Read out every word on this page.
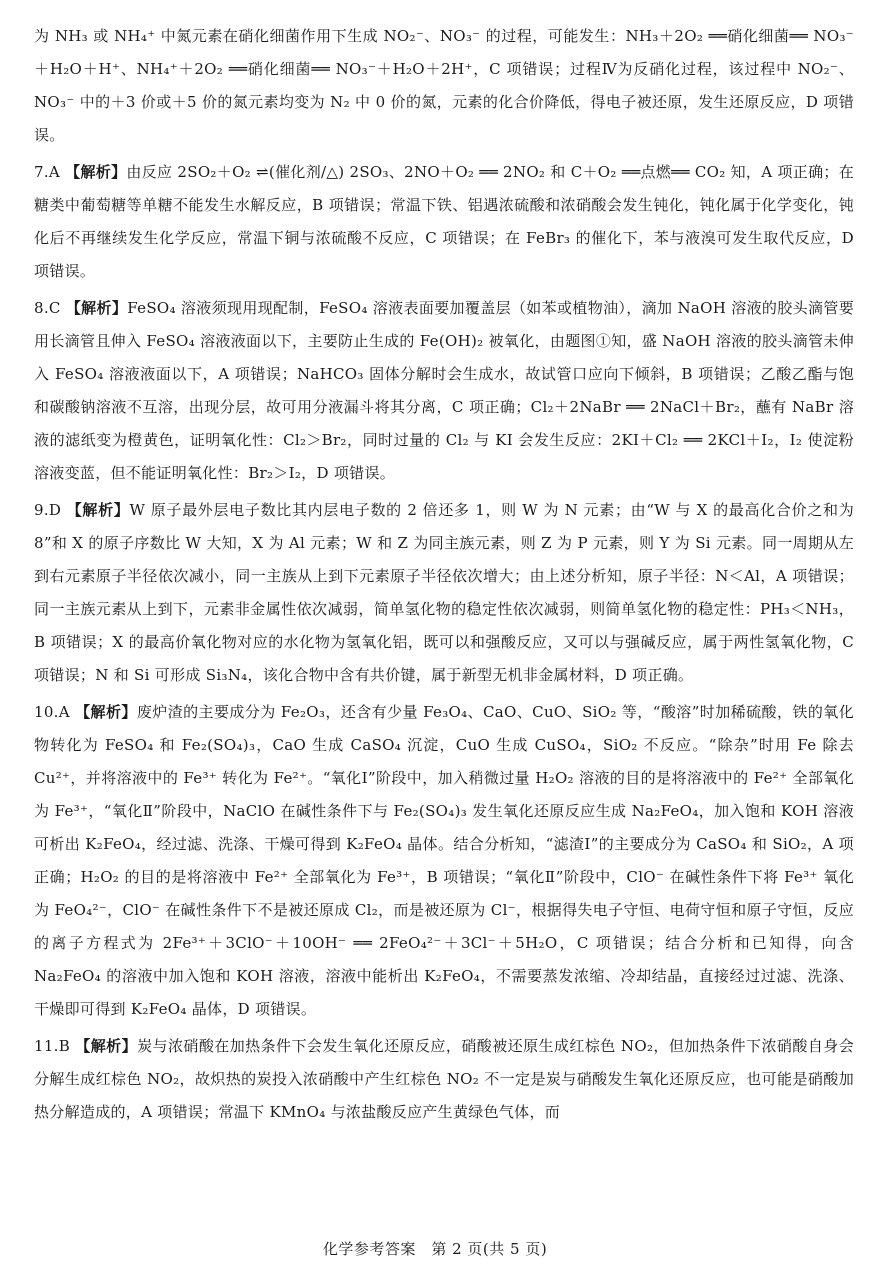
为 NH₃ 或 NH₄⁺ 中氮元素在硝化细菌作用下生成 NO₂⁻、NO₃⁻ 的过程，可能发生：NH₃＋2O₂ ══硝化细菌══ NO₃⁻＋H₂O＋H⁺、NH₄⁺＋2O₂ ══硝化细菌══ NO₃⁻＋H₂O＋2H⁺，C 项错误；过程Ⅳ为反硝化过程，该过程中 NO₂⁻、NO₃⁻ 中的＋3 价或＋5 价的氮元素均变为 N₂ 中 0 价的氮，元素的化合价降低，得电子被还原，发生还原反应，D 项错误。

7.A 【解析】由反应 2SO₂＋O₂ ⇌(催化剂/△) 2SO₃、2NO＋O₂ ══ 2NO₂ 和 C＋O₂ ══点燃══ CO₂ 知，A 项正确；在糖类中葡萄糖等单糖不能发生水解反应，B 项错误；常温下铁、铝遇浓硫酸和浓硝酸会发生钝化，钝化属于化学变化，钝化后不再继续发生化学反应，常温下铜与浓硫酸不反应，C 项错误；在 FeBr₃ 的催化下，苯与液溴可发生取代反应，D 项错误。

8.C 【解析】FeSO₄ 溶液须现用现配制，FeSO₄ 溶液表面要加覆盖层（如苯或植物油），滴加 NaOH 溶液的胶头滴管要用长滴管且伸入 FeSO₄ 溶液液面以下，主要防止生成的 Fe(OH)₂ 被氧化，由题图①知，盛 NaOH 溶液的胶头滴管未伸入 FeSO₄ 溶液液面以下，A 项错误；NaHCO₃ 固体分解时会生成水，故试管口应向下倾斜，B 项错误；乙酸乙酯与饱和碳酸钠溶液不互溶，出现分层，故可用分液漏斗将其分离，C 项正确；Cl₂＋2NaBr ══ 2NaCl＋Br₂，蘸有 NaBr 溶液的滤纸变为橙黄色，证明氧化性：Cl₂＞Br₂，同时过量的 Cl₂ 与 KI 会发生反应：2KI＋Cl₂ ══ 2KCl＋I₂，I₂ 使淀粉溶液变蓝，但不能证明氧化性：Br₂＞I₂，D 项错误。

9.D 【解析】W 原子最外层电子数比其内层电子数的 2 倍还多 1，则 W 为 N 元素；由“W 与 X 的最高化合价之和为 8”和 X 的原子序数比 W 大知，X 为 Al 元素；W 和 Z 为同主族元素，则 Z 为 P 元素，则 Y 为 Si 元素。同一周期从左到右元素原子半径依次减小，同一主族从上到下元素原子半径依次增大；由上述分析知，原子半径：N＜Al，A 项错误；同一主族元素从上到下，元素非金属性依次减弱，简单氢化物的稳定性依次减弱，则简单氢化物的稳定性：PH₃＜NH₃，B 项错误；X 的最高价氧化物对应的水化物为氢氧化铝，既可以和强酸反应，又可以与强碱反应，属于两性氢氧化物，C 项错误；N 和 Si 可形成 Si₃N₄，该化合物中含有共价键，属于新型无机非金属材料，D 项正确。

10.A 【解析】废炉渣的主要成分为 Fe₂O₃，还含有少量 Fe₃O₄、CaO、CuO、SiO₂ 等，“酸溶”时加稀硫酸，铁的氧化物转化为 FeSO₄ 和 Fe₂(SO₄)₃，CaO 生成 CaSO₄ 沉淀，CuO 生成 CuSO₄，SiO₂ 不反应。“除杂”时用 Fe 除去 Cu²⁺，并将溶液中的 Fe³⁺ 转化为 Fe²⁺。“氧化Ⅰ”阶段中，加入稍微过量 H₂O₂ 溶液的目的是将溶液中的 Fe²⁺ 全部氧化为 Fe³⁺，“氧化Ⅱ”阶段中，NaClO 在碱性条件下与 Fe₂(SO₄)₃ 发生氧化还原反应生成 Na₂FeO₄，加入饱和 KOH 溶液可析出 K₂FeO₄，经过滤、洗涤、干燥可得到 K₂FeO₄ 晶体。结合分析知，“滤渣Ⅰ”的主要成分为 CaSO₄ 和 SiO₂，A 项正确；H₂O₂ 的目的是将溶液中 Fe²⁺ 全部氧化为 Fe³⁺，B 项错误；“氧化Ⅱ”阶段中，ClO⁻ 在碱性条件下将 Fe³⁺ 氧化为 FeO₄²⁻，ClO⁻ 在碱性条件下不是被还原成 Cl₂，而是被还原为 Cl⁻，根据得失电子守恒、电荷守恒和原子守恒，反应的离子方程式为 2Fe³⁺＋3ClO⁻＋10OH⁻ ══ 2FeO₄²⁻＋3Cl⁻＋5H₂O，C 项错误；结合分析和已知得，向含 Na₂FeO₄ 的溶液中加入饱和 KOH 溶液，溶液中能析出 K₂FeO₄，不需要蒸发浓缩、冷却结晶，直接经过过滤、洗涤、干燥即可得到 K₂FeO₄ 晶体，D 项错误。

11.B 【解析】炭与浓硝酸在加热条件下会发生氧化还原反应，硝酸被还原生成红棕色 NO₂，但加热条件下浓硝酸自身会分解生成红棕色 NO₂，故炽热的炭投入浓硝酸中产生红棕色 NO₂ 不一定是炭与硝酸发生氧化还原反应，也可能是硝酸加热分解造成的，A 项错误；常温下 KMnO₄ 与浓盐酸反应产生黄绿色气体，而

化学参考答案　第 2 页(共 5 页)
